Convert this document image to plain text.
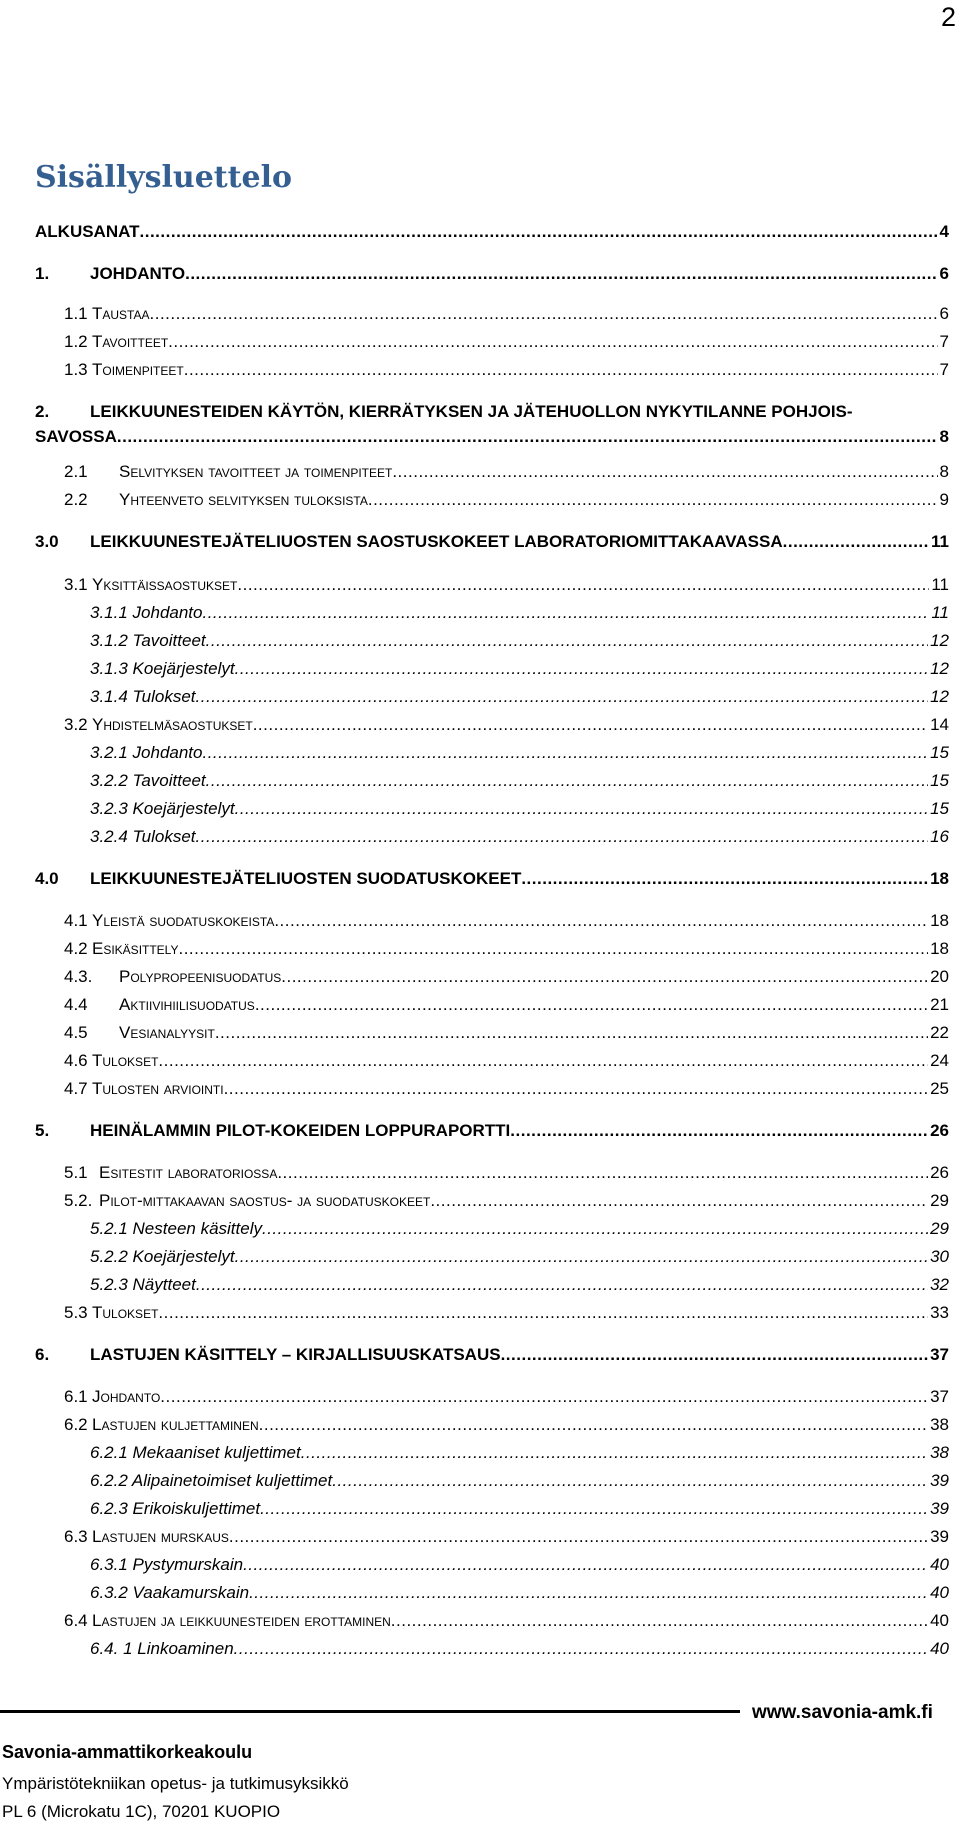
2
Sisällysluettelo
ALKUSANAT .....	4
1.	JOHDANTO .....	6
1.1 Taustaa .....	6
1.2 Tavoitteet .....	7
1.3 Toimenpiteet .....	7
2.	LEIKKUUNESTEIDEN KÄYTÖN, KIERRÄTYKSEN JA JÄTEHUOLLON NYKYTILANNE POHJOIS-
SAVOSSA .....	8
2.1	Selvityksen tavoitteet ja toimenpiteet .....	8
2.2	Yhteenveto selvityksen tuloksista .....	9
3.0	LEIKKUUNESTEJÄTELIUOSTEN SAOSTUSKOKEET LABORATORIOMITTAKAAVASSA .....	11
3.1 Yksittäissaostukset .....	11
3.1.1 Johdanto .....	11
3.1.2 Tavoitteet .....	12
3.1.3 Koejärjestelyt .....	12
3.1.4 Tulokset .....	12
3.2 Yhdistelmäsaostukset .....	14
3.2.1 Johdanto .....	15
3.2.2 Tavoitteet .....	15
3.2.3 Koejärjestelyt .....	15
3.2.4 Tulokset .....	16
4.0	LEIKKUUNESTEJÄTELIUOSTEN SUODATUSKOKEET .....	18
4.1 Yleistä suodatuskokeista .....	18
4.2 Esikäsittely .....	18
4.3.	Polypropeenisuodatus .....	20
4.4	Aktiivihiilisuodatus .....	21
4.5	Vesianalyysit .....	22
4.6 Tulokset .....	24
4.7 Tulosten arviointi .....	25
5.	HEINÄLAMMIN PILOT-KOKEIDEN LOPPURAPORTTI .....	26
5.1 Esitestit laboratoriossa .....	26
5.2. Pilot-mittakaavan saostus- ja suodatuskokeet .....	29
5.2.1 Nesteen käsittely .....	29
5.2.2 Koejärjestelyt .....	30
5.2.3 Näytteet .....	32
5.3 Tulokset .....	33
6.	LASTUJEN KÄSITTELY – KIRJALLISUUSKATSAUS .....	37
6.1 Johdanto .....	37
6.2 Lastujen kuljettaminen .....	38
6.2.1 Mekaaniset kuljettimet .....	38
6.2.2 Alipainetoimiset kuljettimet .....	39
6.2.3 Erikoiskuljettimet .....	39
6.3 Lastujen murskaus .....	39
6.3.1 Pystymurskain .....	40
6.3.2 Vaakamurskain .....	40
6.4 Lastujen ja leikkuunesteiden erottaminen .....	40
6.4. 1 Linkoaminen .....	40
www.savonia-amk.fi
Savonia-ammattikorkeakoulu
Ympäristötekniikan opetus- ja tutkimusyksikkö
PL 6 (Microkatu 1C), 70201 KUOPIO
